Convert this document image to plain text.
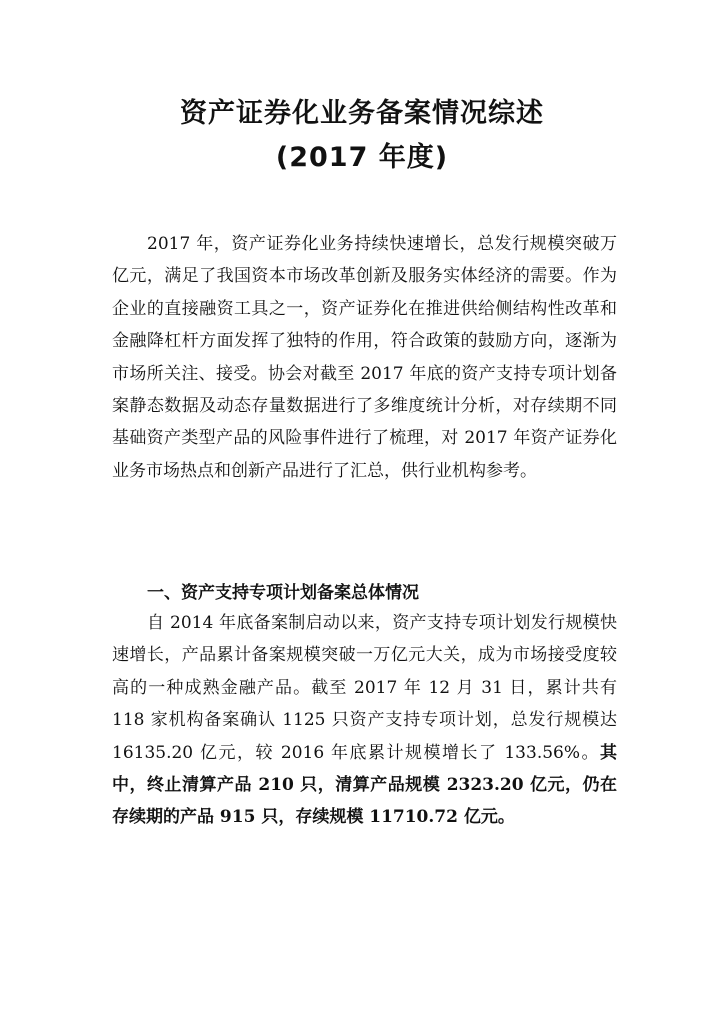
资产证券化业务备案情况综述
(2017 年度)

2017 年，资产证券化业务持续快速增长，总发行规模突破万亿元，满足了我国资本市场改革创新及服务实体经济的需要。作为企业的直接融资工具之一，资产证券化在推进供给侧结构性改革和金融降杠杆方面发挥了独特的作用，符合政策的鼓励方向，逐渐为市场所关注、接受。协会对截至 2017 年底的资产支持专项计划备案静态数据及动态存量数据进行了多维度统计分析，对存续期不同基础资产类型产品的风险事件进行了梳理，对 2017 年资产证券化业务市场热点和创新产品进行了汇总，供行业机构参考。

一、资产支持专项计划备案总体情况

自 2014 年底备案制启动以来，资产支持专项计划发行规模快速增长，产品累计备案规模突破一万亿元大关，成为市场接受度较高的一种成熟金融产品。截至 2017 年 12 月 31 日，累计共有 118 家机构备案确认 1125 只资产支持专项计划，总发行规模达 16135.20 亿元，较 2016 年底累计规模增长了 133.56%。其中，终止清算产品 210 只，清算产品规模 2323.20 亿元，仍在存续期的产品 915 只，存续规模 11710.72 亿元。
